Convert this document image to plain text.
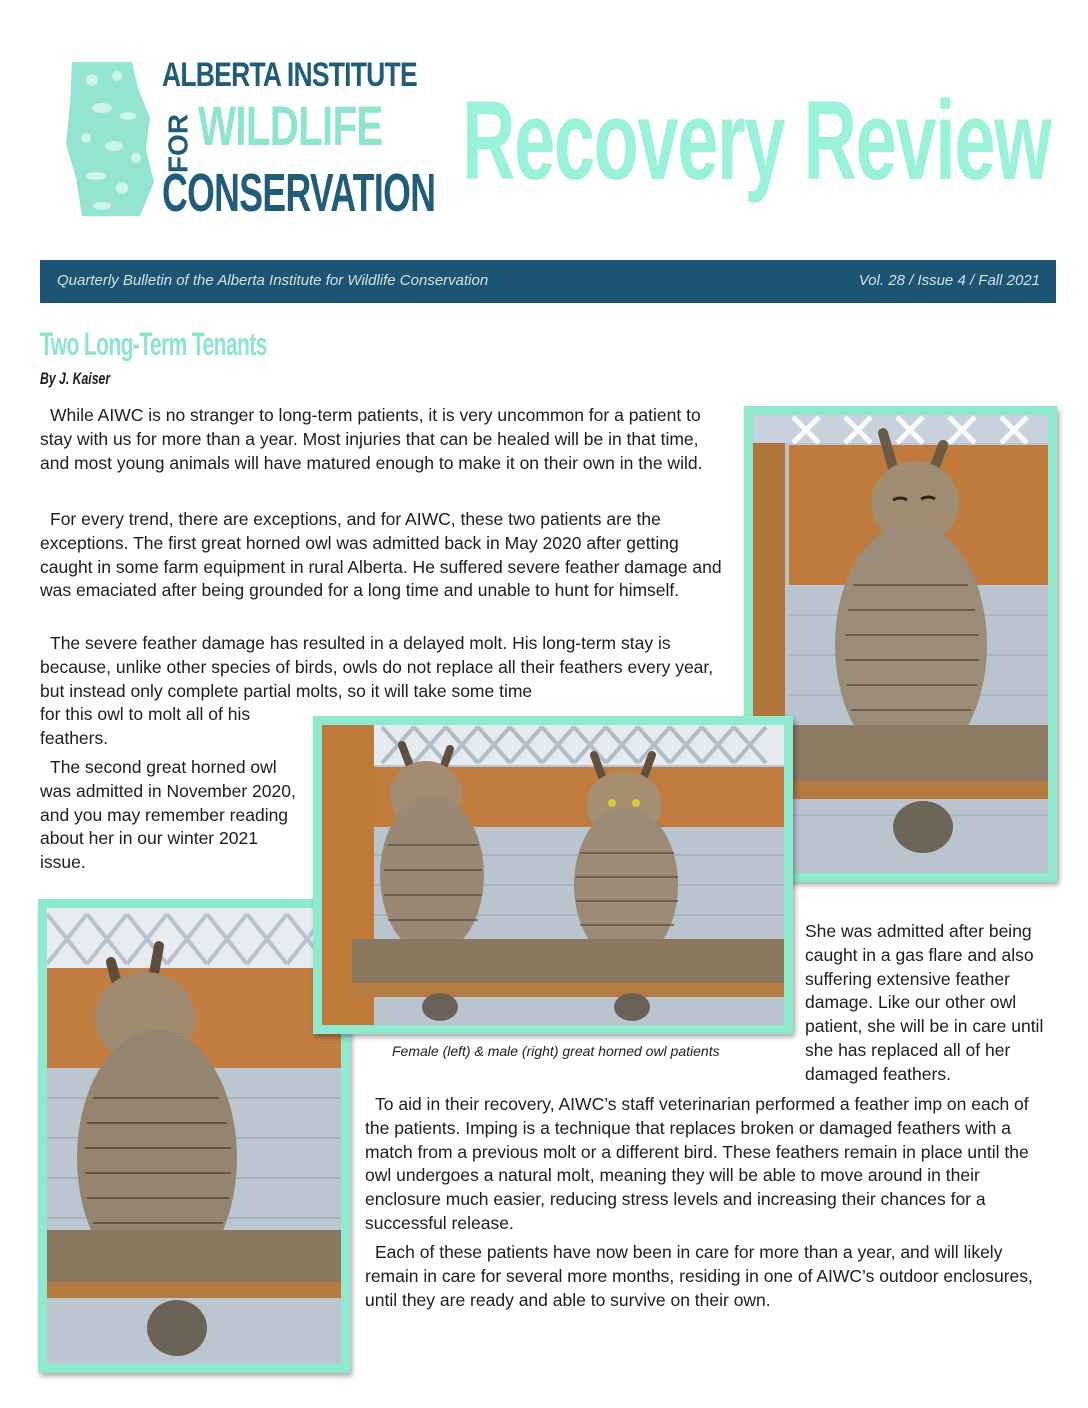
ALBERTA INSTITUTE
FOR WILDLIFE
CONSERVATION Recovery Review
Quarterly Bulletin of the Alberta Institute for Wildlife Conservation	Vol. 28 / Issue 4 / Fall 2021
Two Long-Term Tenants
By J. Kaiser

While AIWC is no stranger to long-term patients, it is very uncommon for a patient to stay with us for more than a year. Most injuries that can be healed will be in that time, and most young animals will have matured enough to make it on their own in the wild.

For every trend, there are exceptions, and for AIWC, these two patients are the exceptions. The first great horned owl was admitted back in May 2020 after getting caught in some farm equipment in rural Alberta. He suffered severe feather damage and was emaciated after being grounded for a long time and unable to hunt for himself.

The severe feather damage has resulted in a delayed molt. His long-term stay is because, unlike other species of birds, owls do not replace all their feathers every year, but instead only complete partial molts, so it will take some time

for this owl to molt all of his feathers.

The second great horned owl was admitted in November 2020, and you may remember reading about her in our winter 2021 issue.

She was admitted after being caught in a gas flare and also suffering extensive feather damage. Like our other owl patient, she will be in care until she has replaced all of her damaged feathers.

To aid in their recovery, AIWC’s staff veterinarian performed a feather imp on each of the patients. Imping is a technique that replaces broken or damaged feathers with a match from a previous molt or a different bird. These feathers remain in place until the owl undergoes a natural molt, meaning they will be able to move around in their enclosure much easier, reducing stress levels and increasing their chances for a successful release.

Each of these patients have now been in care for more than a year, and will likely remain in care for several more months, residing in one of AIWC’s outdoor enclosures, until they are ready and able to survive on their own.

Female (left) & male (right) great horned owl patients
